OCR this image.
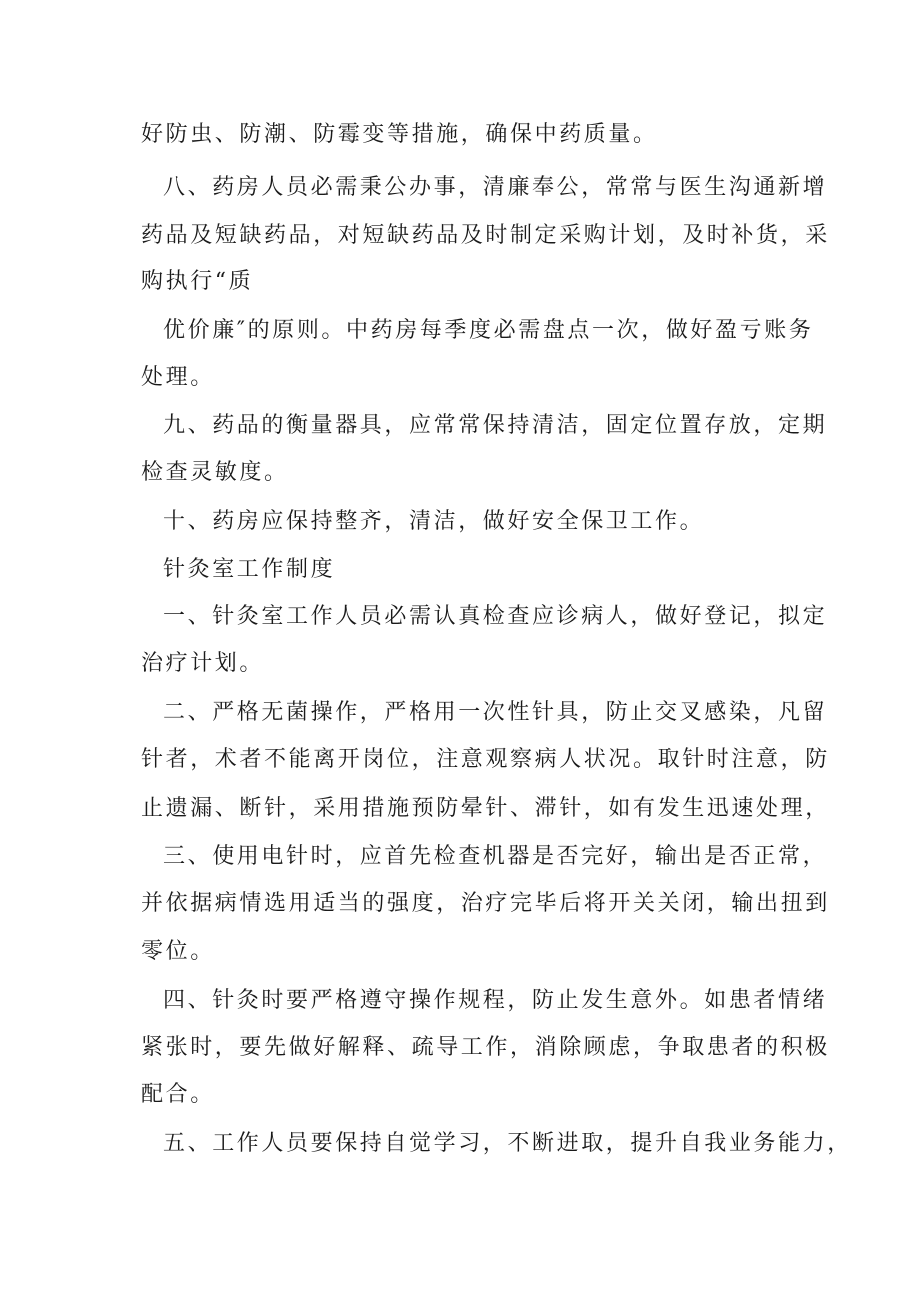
好防虫、防潮、防霉变等措施，确保中药质量。
八、药房人员必需秉公办事，清廉奉公，常常与医生沟通新增
药品及短缺药品，对短缺药品及时制定采购计划，及时补货，采
购执行“质
优价廉″的原则。中药房每季度必需盘点一次，做好盈亏账务
处理。
九、药品的衡量器具，应常常保持清洁，固定位置存放，定期
检查灵敏度。
十、药房应保持整齐，清洁，做好安全保卫工作。
针灸室工作制度
一、针灸室工作人员必需认真检查应诊病人，做好登记，拟定
治疗计划。
二、严格无菌操作，严格用一次性针具，防止交叉感染，凡留
针者，术者不能离开岗位，注意观察病人状况。取针时注意，防
止遗漏、断针，采用措施预防晕针、滞针，如有发生迅速处理，
三、使用电针时，应首先检查机器是否完好，输出是否正常，
并依据病情选用适当的强度，治疗完毕后将开关关闭，输出扭到
零位。
四、针灸时要严格遵守操作规程，防止发生意外。如患者情绪
紧张时，要先做好解释、疏导工作，消除顾虑，争取患者的积极
配合。
五、工作人员要保持自觉学习，不断进取，提升自我业务能力，
